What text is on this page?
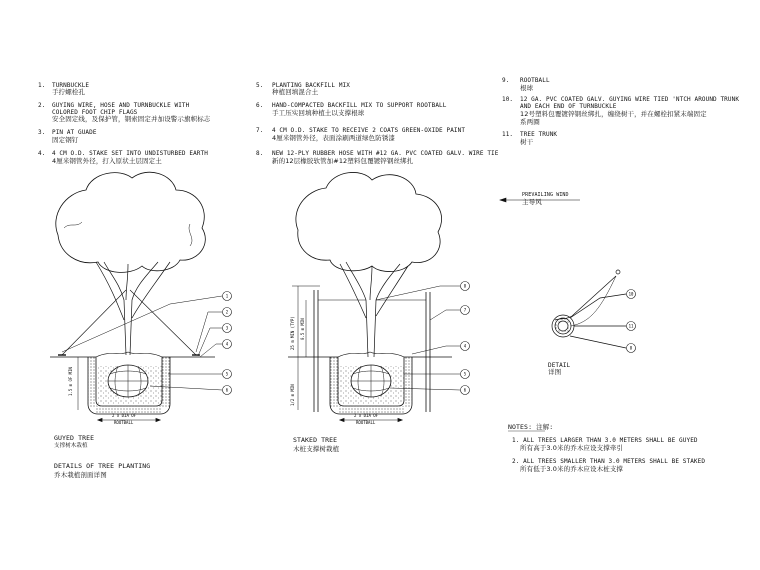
1. TURNBUCKLE
手拧螺栓孔
2. GUYING WIRE, HOSE AND TURNBUCKLE WITH
COLORED FOOT CHIP FLAGS
安全固定线，及保护管，钢索固定并加设警示旗帜标志
3. PIN AT GUADE
固定钢钉
4. 4 CM O.D. STAKE SET INTO UNDISTURBED EARTH
4厘米钢管外径，打入原状土层固定土
5. PLANTING BACKFILL MIX
种植回填混合土
6. HAND-COMPACTED BACKFILL MIX TO SUPPORT ROOTBALL
手工压实回填种植土以支撑根球
7. 4 CM O.D. STAKE TO RECEIVE 2 COATS GREEN-OXIDE PAINT
4厘米钢管外径，表面涂刷两道绿色防锈漆
8. NEW 12-PLY RUBBER HOSE WITH #12 GA. PVC COATED GALV. WIRE TIE
新的12层橡胶软管加#12塑料包覆镀锌钢丝绑扎
9. ROOTBALL
根球
10. 12 GA. PVC COATED GALV. GUYING WIRE TIED 'NTCH AROUND TRUNK
AND EACH END OF TURNBUCKLE
12号塑料包覆镀锌钢丝绑扎，缠绕树干，并在螺栓扣紧末端固定
系两圈
11. TREE TRUNK
树干
PREVAILING WIND
主导风
DETAIL
详图
GUYED TREE
支撑树木栽植
STAKED TREE
木桩支撑树栽植
DETAILS OF TREE PLANTING
乔木栽植剖面详图
NOTES: 注解:
1. ALL TREES LARGER THAN 3.0 METERS SHALL BE GUYED
所有高于3.0米的乔木应设支撑牵引
2. ALL TREES SMALLER THAN 3.0 METERS SHALL BE STAKED
所有低于3.0米的乔木应设木桩支撑
2 x DIA OF
ROOTBALL
1.5 m OF MIN
1
2
3
4
5
6
2 x DIA OF
ROOTBALL
25 m MIN (TYP)
1/2 m MIN
0.5 m MIN
8
7
4
5
6
10
11
8
